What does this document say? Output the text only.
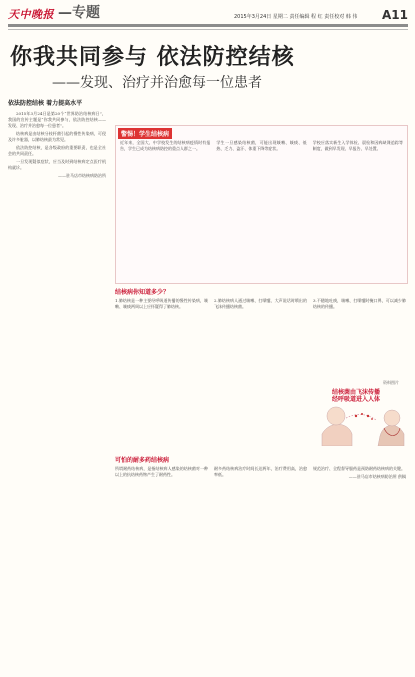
天中晚报 —专题	2015年3月24日 星期二 责任编辑 程 红 责任校对 韩 伟 A11
你我共同参与 依法防控结核
——发现、治疗并治愈每一位患者
依法防控结核 着力提高水平

2015年3月24日是第20个“世界防治结核病日”，我国的宣传主题是“你我共同参与，依法防控结核——发现、治疗并治愈每一位患者”。

结核病是由结核分枝杆菌引起的慢性传染病，可侵及许多脏器，以肺结核最为常见。

依法防控结核，是各级政府的重要职责，也是全社会的共同责任。

一旦发现疑似症状，应当及时到结核病定点医疗机构就诊。

——驻马店市结核病防治所
警惕！学生结核病
近年来，全国大、中学校发生的结核病疫情时有报告，学生已成为结核病防控的重点人群之一。
学生一旦感染结核菌，可能出现咳嗽、咳痰、低热、乏力、盗汗、体重下降等症状。
学校应落实新生入学体检、晨检和因病缺课追踪等制度，做到早发现、早报告、早处置。
结核病你知道多少？
1.肺结核是一种主要经呼吸道传播的慢性传染病，咳嗽、咳痰两周以上应怀疑得了肺结核。
2.肺结核病人通过咳嗽、打喷嚏、大声说话时喷出的飞沫传播结核菌。
3.不随地吐痰，咳嗽、打喷嚏时掩口鼻，可以减少肺结核的传播。
资料图片
结核菌由飞沫传播
经呼吸道进入人体
可怕的耐多药结核病
所谓耐药结核病，是指结核病人感染的结核菌对一种以上的抗结核药物产生了耐药性。
耐多药结核病治疗时间长达两年，治疗费用高，治愈率低。
规范治疗、全程督导服药是预防耐药结核病的关键。
——驻马店市结核病防治所 供稿
